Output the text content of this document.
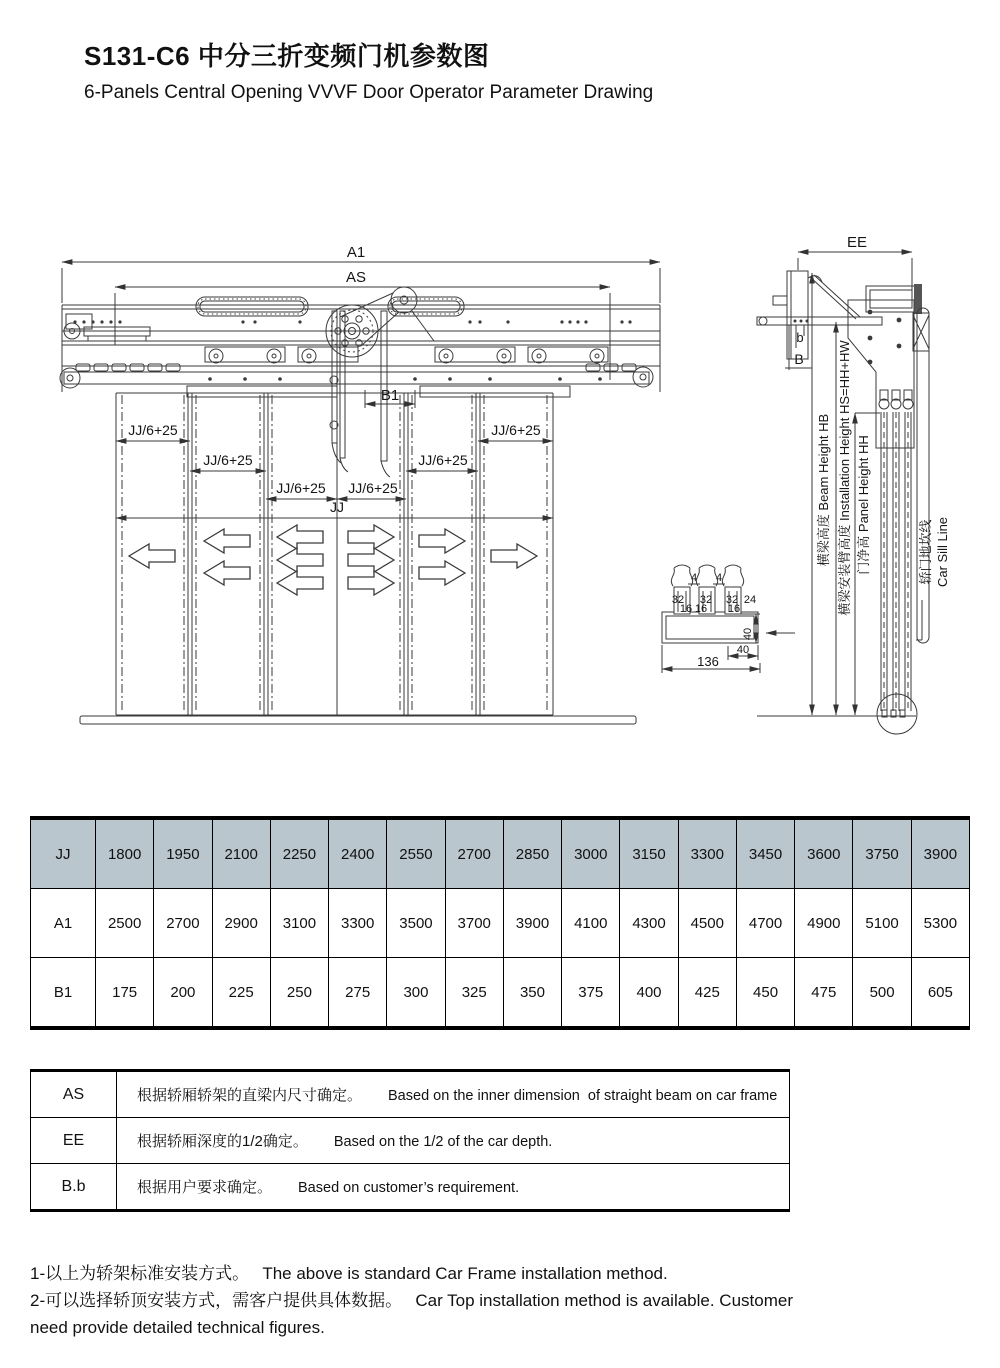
S131-C6 中分三折变频门机参数图
6-Panels Central Opening VVVF Door Operator Parameter Drawing
A1
AS
B1
JJ/6+25
JJ/6+25
JJ/6+25 JJ/6+25
JJ/6+25
JJ/6+25
JJ
EE
b
B
横梁高度 Beam Height HB 横梁安装臂高度 Installation Height HS=HH+HW 门净高 Panel Height HH	轿门地坎线 Car Sill Line
4 4
32 32 32 24
16 16 16
40
40
136
JJ	1800	1950	2100	2250	2400	2550	2700	2850	3000	3150	3300	3450	3600	3750	3900
A1	2500	2700	2900	3100	3300	3500	3700	3900	4100	4300	4500	4700	4900	5100	5300
B1	175	200	225	250	275	300	325	350	375	400	425	450	475	500	605
AS	根据轿厢轿架的直梁内尺寸确定。 Based on the inner dimension  of straight beam on car frame
EE	根据轿厢深度的1/2确定。 Based on the 1/2 of the car depth.
B.b	根据用户要求确定。 Based on customer’s requirement.
1-以上为轿架标准安装方式。　 The above is standard Car Frame installation method.
2-可以选择轿顶安装方式，需客户提供具体数据。　 Car Top installation method is available. Customer need provide detailed technical figures.
